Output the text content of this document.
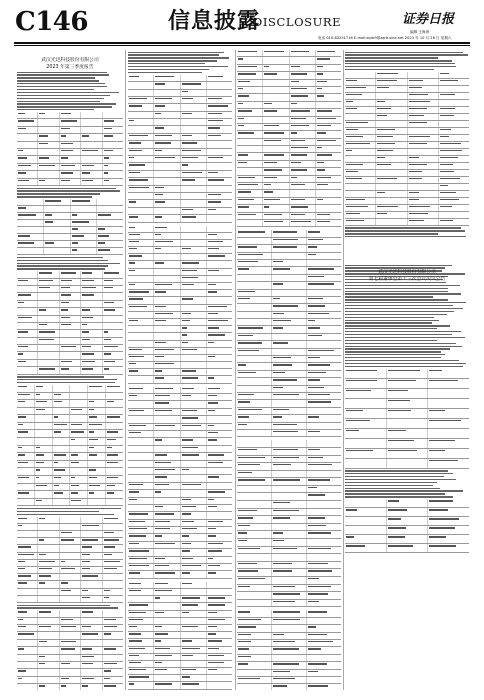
C146	信息披露
DISCLOSURE	证券日报
编辑 王海涛
电话 010-83251716 E-mail:zqrb9@zqrb.sina.net 2023 年 10 月 28 日 星期六
武汉光迅科技股份有限公司
2023 年第三季度报告
武汉光迅科技股份有限公司
第七届董事会第十三次会议决议公告
